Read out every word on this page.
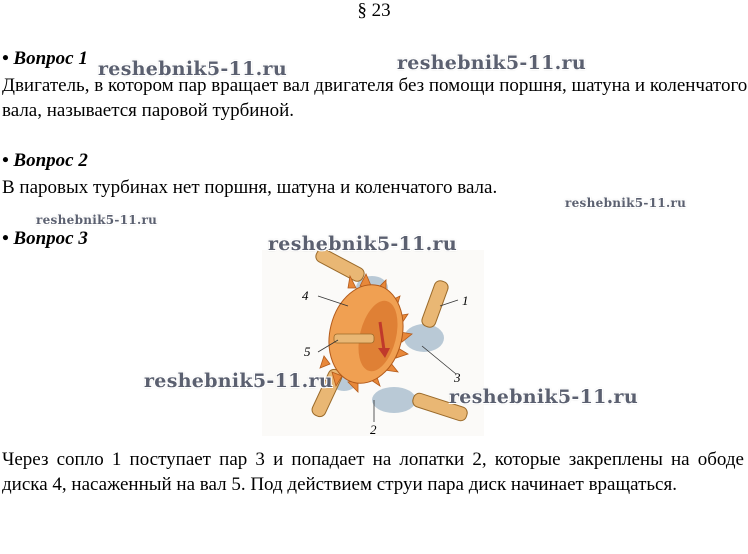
§ 23
• Вопрос 1
Двигатель, в котором пар вращает вал двигателя без помощи поршня, шатуна и коленчатого вала, называется паровой турбиной.
• Вопрос 2
В паровых турбинах нет поршня, шатуна и коленчатого вала.
• Вопрос 3
4
5
1
3
2
Через сопло 1 поступает пар 3 и попадает на лопатки 2, которые закреплены на ободе диска 4, насаженный на вал 5. Под действием струи пара диск начинает вращаться.
reshebnik5-11.ru	reshebnik5-11.ru
reshebnik5-11.ru
reshebnik5-11.ru
reshebnik5-11.ru
reshebnik5-11.ru
reshebnik5-11.ru
